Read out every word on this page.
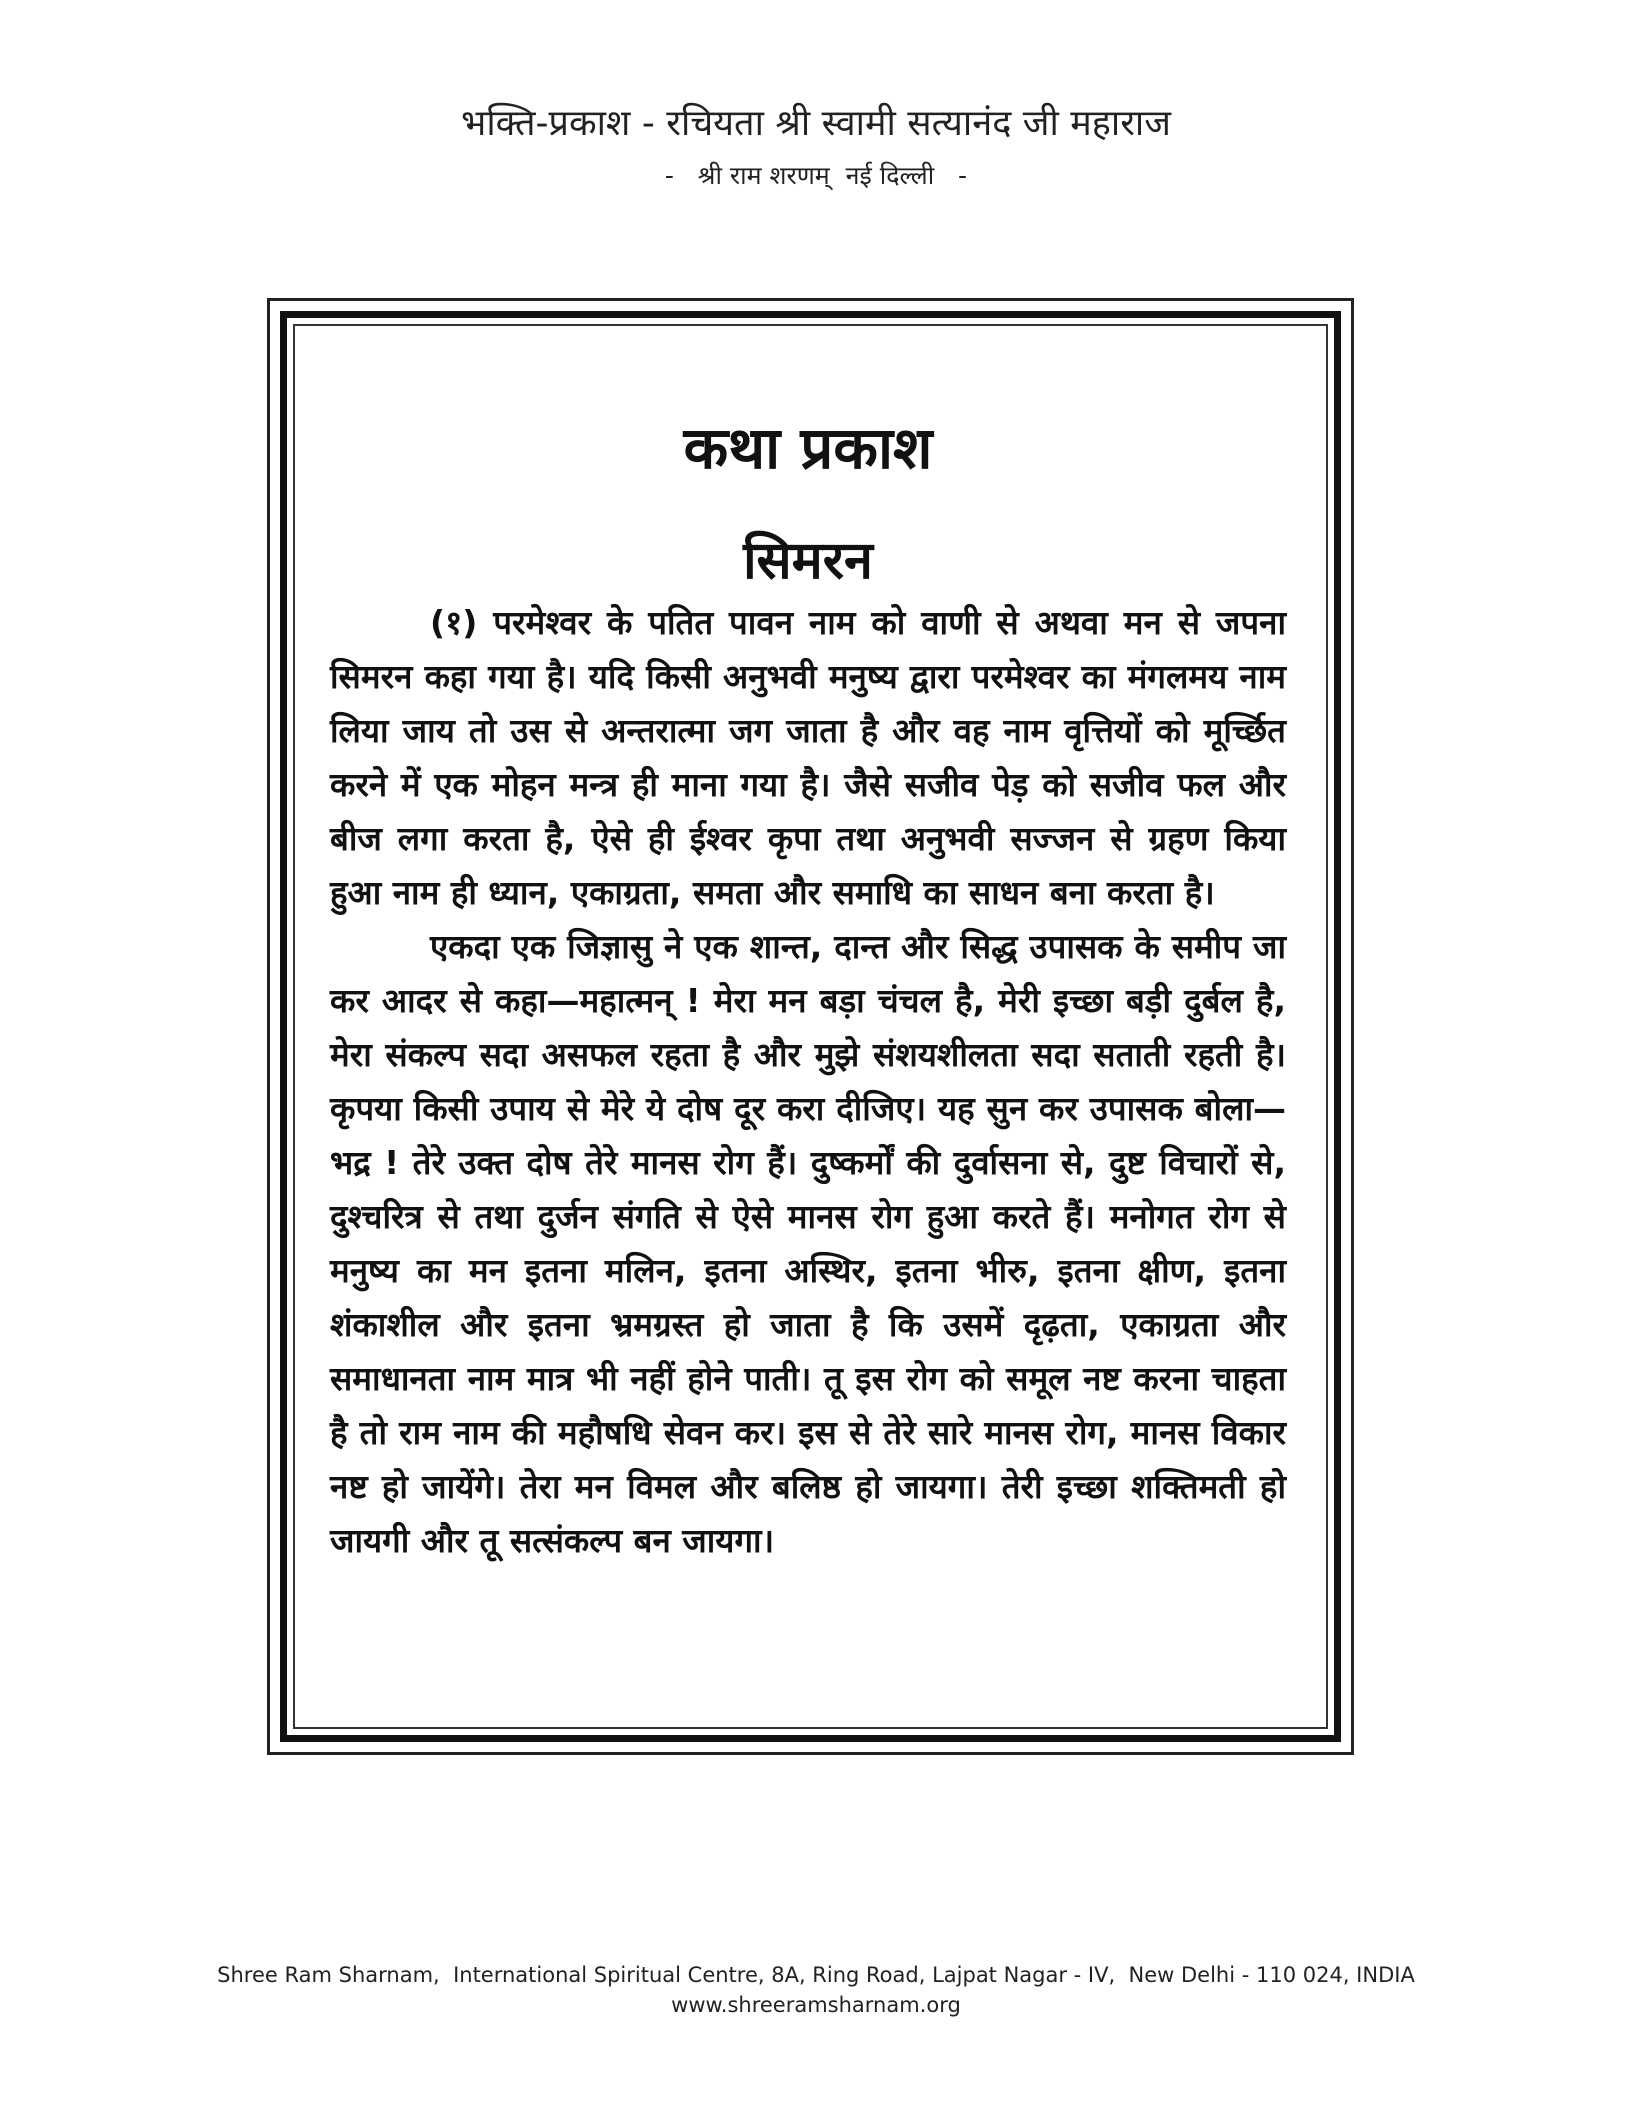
भक्ति-प्रकाश - रचियता श्री स्वामी सत्यानंद जी महाराज

-   श्री राम शरणम्  नई दिल्ली   -

कथा प्रकाश
सिमरन

(१) परमेश्वर के पतित पावन नाम को वाणी से अथवा मन से जपना सिमरन कहा गया है। यदि किसी अनुभवी मनुष्य द्वारा परमेश्वर का मंगलमय नाम लिया जाय तो उस से अन्तरात्मा जग जाता है और वह नाम वृत्तियों को मूर्च्छित करने में एक मोहन मन्त्र ही माना गया है। जैसे सजीव पेड़ को सजीव फल और बीज लगा करता है, ऐसे ही ईश्वर कृपा तथा अनुभवी सज्जन से ग्रहण किया हुआ नाम ही ध्यान, एकाग्रता, समता और समाधि का साधन बना करता है।

एकदा एक जिज्ञासु ने एक शान्त, दान्त और सिद्ध उपासक के समीप जा कर आदर से कहा—महात्मन् ! मेरा मन बड़ा चंचल है, मेरी इच्छा बड़ी दुर्बल है, मेरा संकल्प सदा असफल रहता है और मुझे संशयशीलता सदा सताती रहती है। कृपया किसी उपाय से मेरे ये दोष दूर करा दीजिए। यह सुन कर उपासक बोला—भद्र ! तेरे उक्त दोष तेरे मानस रोग हैं। दुष्कर्मों की दुर्वासना से, दुष्ट विचारों से, दुश्चरित्र से तथा दुर्जन संगति से ऐसे मानस रोग हुआ करते हैं। मनोगत रोग से मनुष्य का मन इतना मलिन, इतना अस्थिर, इतना भीरु, इतना क्षीण, इतना शंकाशील और इतना भ्रमग्रस्त हो जाता है कि उसमें दृढ़ता, एकाग्रता और समाधानता नाम मात्र भी नहीं होने पाती। तू इस रोग को समूल नष्ट करना चाहता है तो राम नाम की महौषधि सेवन कर। इस से तेरे सारे मानस रोग, मानस विकार नष्ट हो जायेंगे। तेरा मन विमल और बलिष्ठ हो जायगा। तेरी इच्छा शक्तिमती हो जायगी और तू सत्संकल्प बन जायगा।

Shree Ram Sharnam,  International Spiritual Centre, 8A, Ring Road, Lajpat Nagar - IV,  New Delhi - 110 024, INDIA

www.shreeramsharnam.org
